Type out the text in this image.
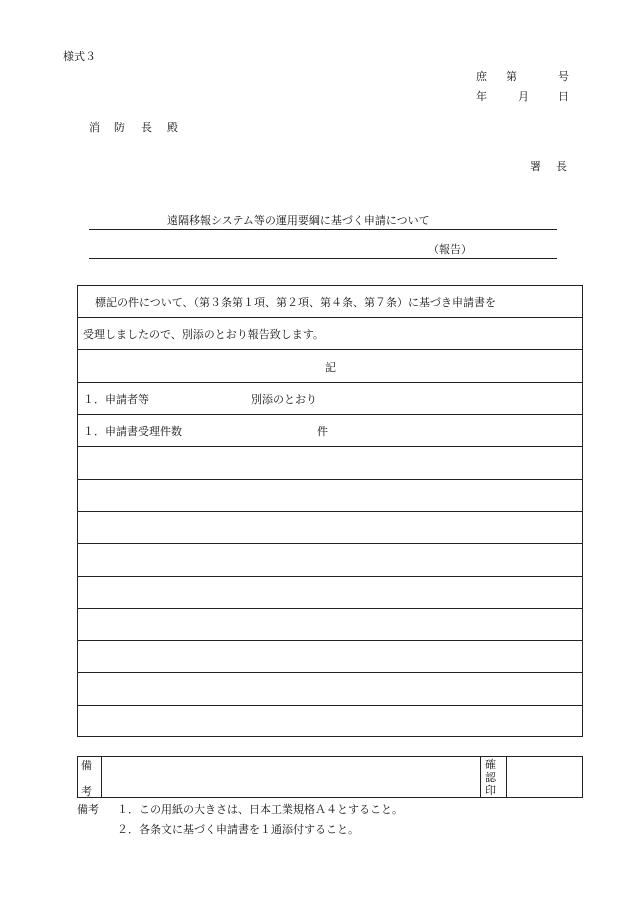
様式３
庶 第	号
年	月	日
消 防 長 殿
署 長
遠隔移報システム等の運用要綱に基づく申請について
（報告）
標記の件について、（第３条第１項、第２項、第４条、第７条）に基づき申請書を
受理しましたので、別添のとおり報告致します。
記
１．申請者等	別添のとおり
１．申請書受理件数	件
備
考
確
認
印
備考 １．この用紙の大きさは、日本工業規格Ａ４とすること。
２．各条文に基づく申請書を１通添付すること。
